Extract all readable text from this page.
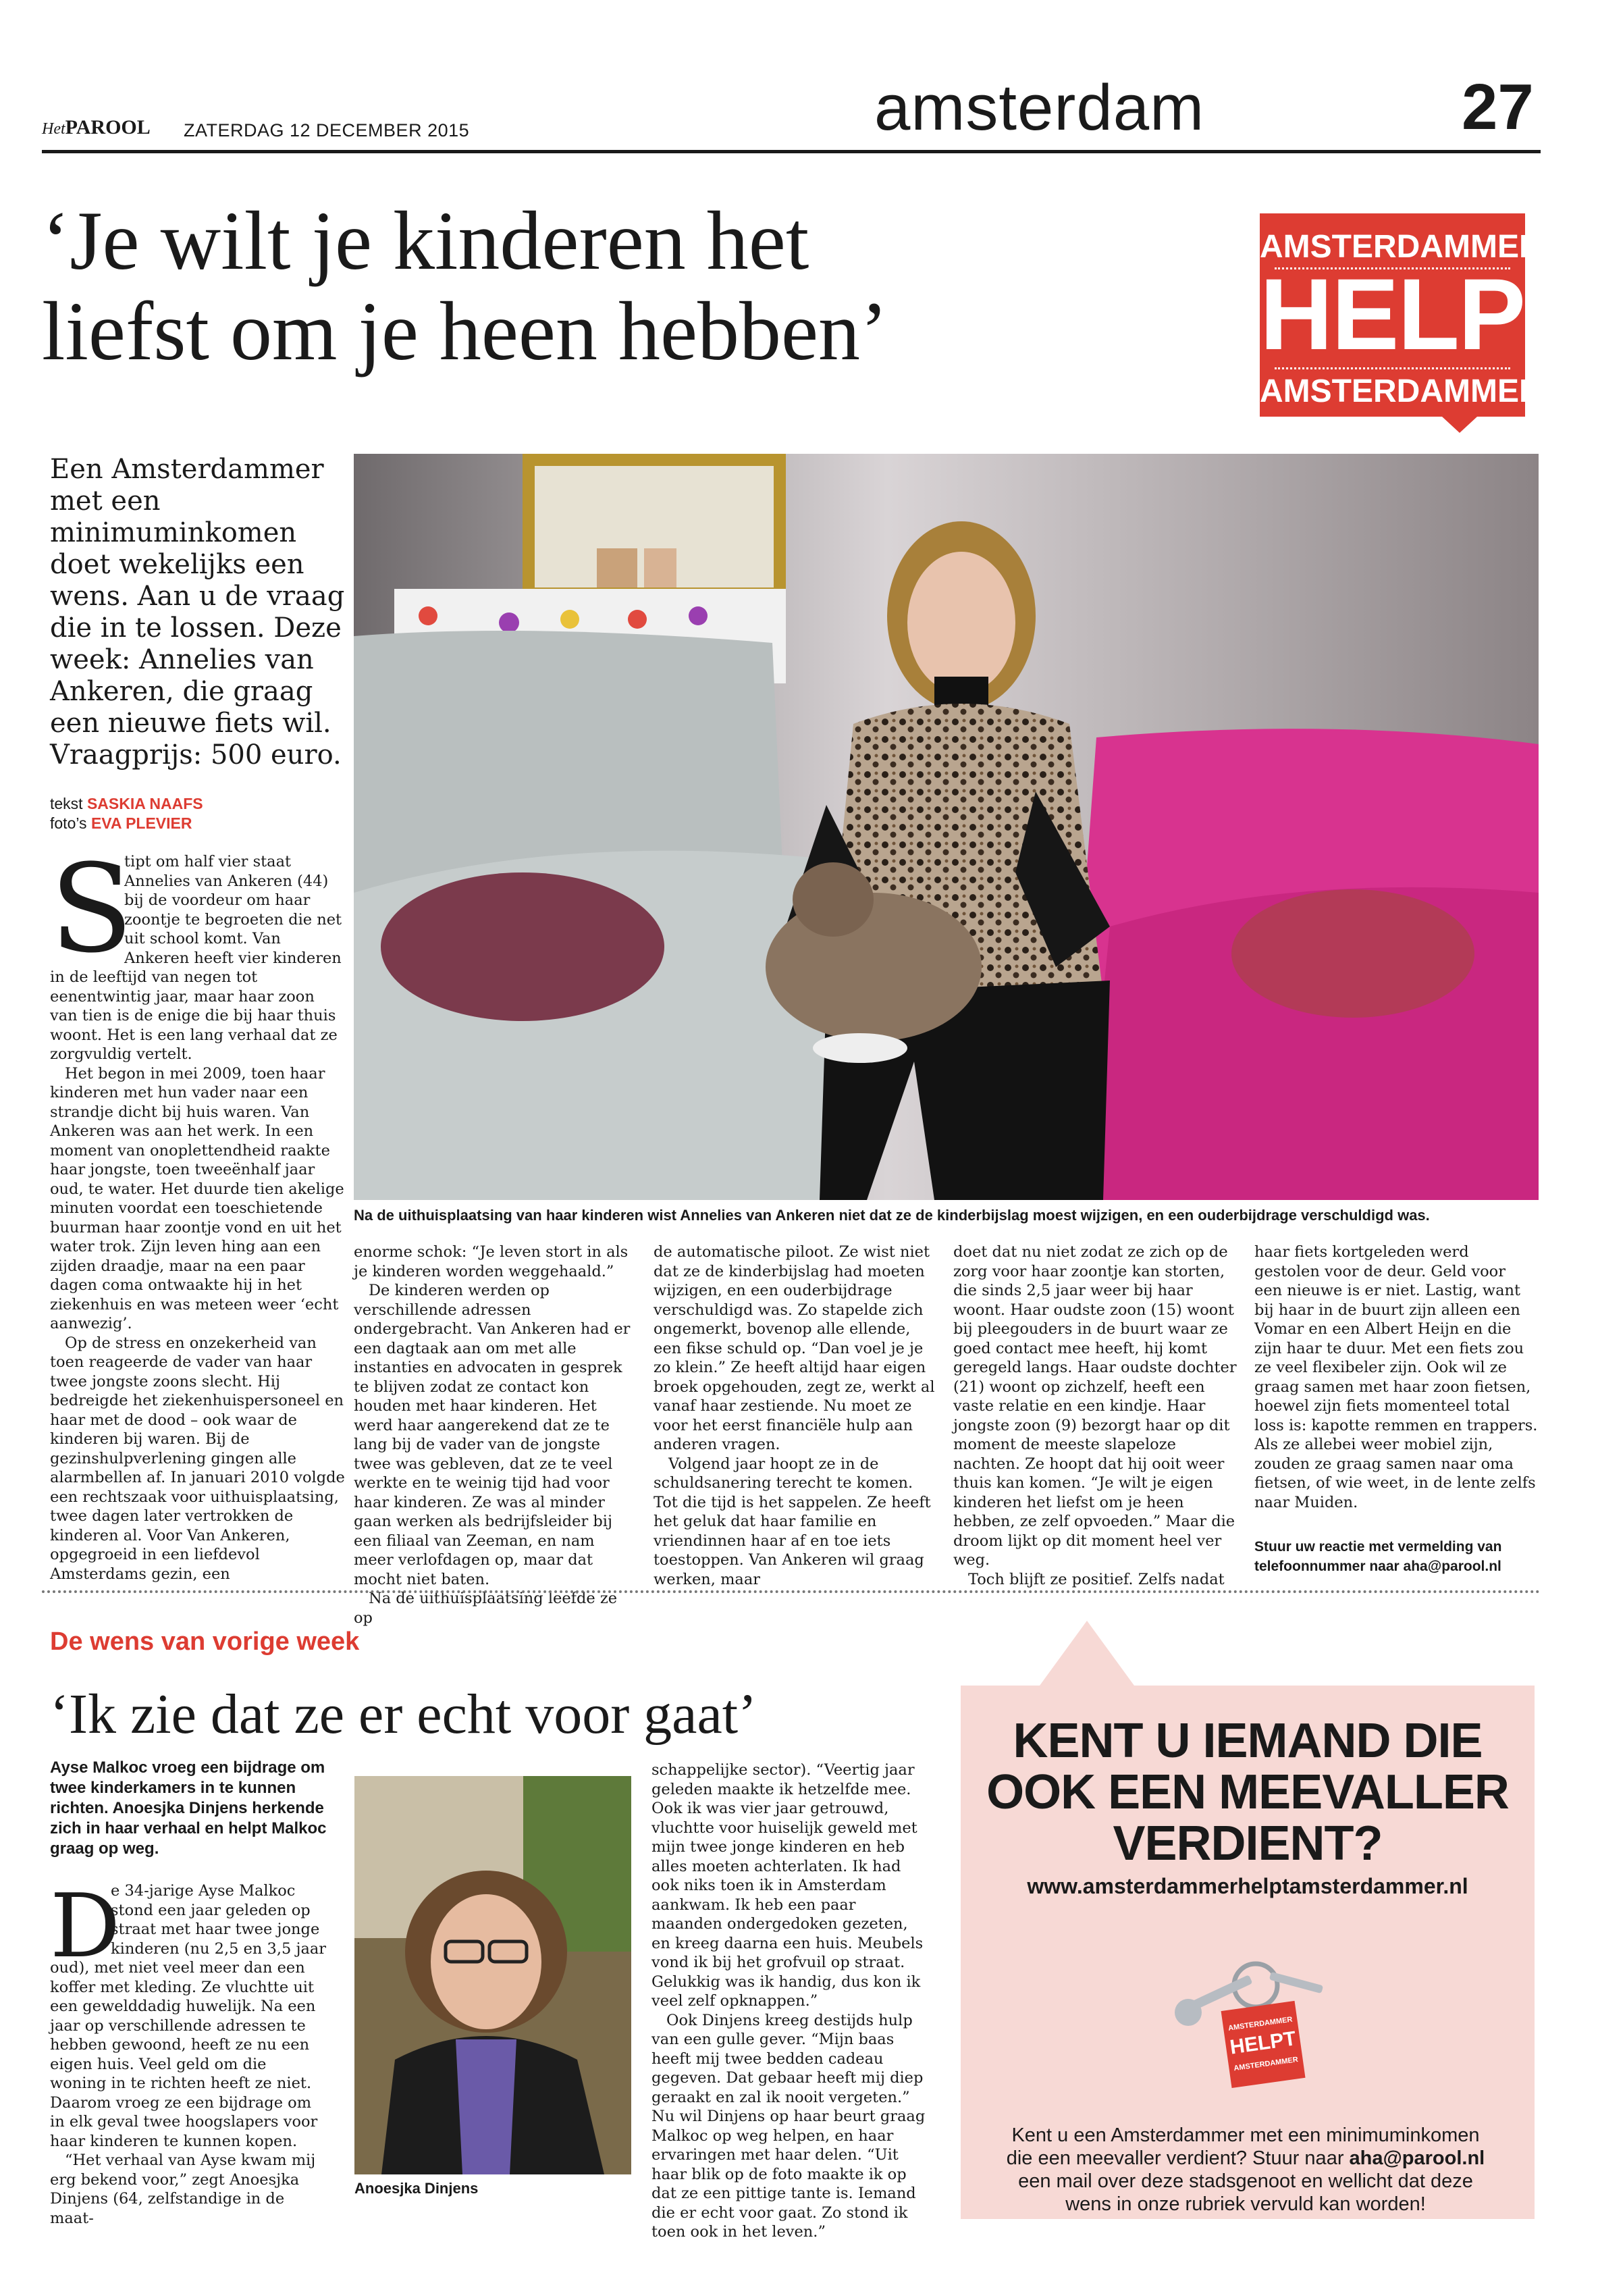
HetPAROOL ZATERDAG 12 DECEMBER 2015	amsterdam	27
‘Je wilt je kinderen het
liefst om je heen hebben’
AMSTERDAMMER
HELPT
AMSTERDAMMER
Een Amsterdammer met een minimuminkomen doet wekelijks een wens. Aan u de vraag die in te lossen. Deze week: Annelies van Ankeren, die graag een nieuwe fiets wil. Vraagprijs: 500 euro.
tekst SASKIA NAAFS
foto’s EVA PLEVIER
Na de uithuisplaatsing van haar kinderen wist Annelies van Ankeren niet dat ze de kinderbijslag moest wijzigen, en een ouderbijdrage verschuldigd was.
S

tipt om half vier staat Annelies van Ankeren (44) bij de voordeur om haar zoontje te begroeten die net uit school komt. Van Ankeren heeft vier kinderen in de leeftijd van negen tot eenentwintig jaar, maar haar zoon van tien is de enige die bij haar thuis woont. Het is een lang verhaal dat ze zorgvuldig vertelt.

Het begon in mei 2009, toen haar kinderen met hun vader naar een strandje dicht bij huis waren. Van Ankeren was aan het werk. In een moment van onoplettendheid raakte haar jongste, toen tweeënhalf jaar oud, te water. Het duurde tien akelige minuten voordat een toeschietende buurman haar zoontje vond en uit het water trok. Zijn leven hing aan een zijden draadje, maar na een paar dagen coma ontwaakte hij in het ziekenhuis en was meteen weer ‘echt aanwezig’.

Op de stress en onzekerheid van toen reageerde de vader van haar twee jongste zoons slecht. Hij bedreigde het ziekenhuispersoneel en haar met de dood – ook waar de kinderen bij waren. Bij de gezinshulpverlening gingen alle alarmbellen af. In januari 2010 volgde een rechtszaak voor uithuisplaatsing, twee dagen later vertrokken de kinderen al. Voor Van Ankeren, opgegroeid in een liefdevol Amsterdams gezin, een

enorme schok: “Je leven stort in als je kinderen worden weggehaald.”

De kinderen werden op verschillende adressen ondergebracht. Van Ankeren had er een dagtaak aan om met alle instanties en advocaten in gesprek te blijven zodat ze contact kon houden met haar kinderen. Het werd haar aangerekend dat ze te lang bij de vader van de jongste twee was gebleven, dat ze te veel werkte en te weinig tijd had voor haar kinderen. Ze was al minder gaan werken als bedrijfsleider bij een filiaal van Zeeman, en nam meer verlofdagen op, maar dat mocht niet baten.

Na de uithuisplaatsing leefde ze op

de automatische piloot. Ze wist niet dat ze de kinderbijslag had moeten wijzigen, en een ouderbijdrage verschuldigd was. Zo stapelde zich ongemerkt, bovenop alle ellende, een fikse schuld op. “Dan voel je je zo klein.” Ze heeft altijd haar eigen broek opgehouden, zegt ze, werkt al vanaf haar zestiende. Nu moet ze voor het eerst financiële hulp aan anderen vragen.

Volgend jaar hoopt ze in de schuldsanering terecht te komen. Tot die tijd is het sappelen. Ze heeft het geluk dat haar familie en vriendinnen haar af en toe iets toestoppen. Van Ankeren wil graag werken, maar

doet dat nu niet zodat ze zich op de zorg voor haar zoontje kan storten, die sinds 2,5 jaar weer bij haar woont. Haar oudste zoon (15) woont bij pleegouders in de buurt waar ze goed contact mee heeft, hij komt geregeld langs. Haar oudste dochter (21) woont op zichzelf, heeft een vaste relatie en een kindje. Haar jongste zoon (9) bezorgt haar op dit moment de meeste slapeloze nachten. Ze hoopt dat hij ooit weer thuis kan komen. “Je wilt je eigen kinderen het liefst om je heen hebben, ze zelf opvoeden.” Maar die droom lijkt op dit moment heel ver weg.

Toch blijft ze positief. Zelfs nadat

haar fiets kortgeleden werd gestolen voor de deur. Geld voor een nieuwe is er niet. Lastig, want bij haar in de buurt zijn alleen een Vomar en een Albert Heijn en die zijn haar te duur. Met een fiets zou ze veel flexibeler zijn. Ook wil ze graag samen met haar zoon fietsen, hoewel zijn fiets momenteel total loss is: kapotte remmen en trappers. Als ze allebei weer mobiel zijn, zouden ze graag samen naar oma fietsen, of wie weet, in de lente zelfs naar Muiden.

Stuur uw reactie met vermelding van telefoonnummer naar aha@parool.nl

De wens van vorige week
‘Ik zie dat ze er echt voor gaat’
Ayse Malkoc vroeg een bijdrage om twee kinderkamers in te kunnen richten. Anoesjka Dinjens herkende zich in haar verhaal en helpt Malkoc graag op weg.
D

e 34-jarige Ayse Malkoc stond een jaar geleden op straat met haar twee jonge kinderen (nu 2,5 en 3,5 jaar oud), met niet veel meer dan een koffer met kleding. Ze vluchtte uit een gewelddadig huwelijk. Na een jaar op verschillende adressen te hebben gewoond, heeft ze nu een eigen huis. Veel geld om die woning in te richten heeft ze niet. Daarom vroeg ze een bijdrage om in elk geval twee hoogslapers voor haar kinderen te kunnen kopen.

“Het verhaal van Ayse kwam mij erg bekend voor,” zegt Anoesjka Dinjens (64, zelfstandige in de maat-

Anoesjka Dinjens

schappelijke sector). “Veertig jaar geleden maakte ik hetzelfde mee. Ook ik was vier jaar getrouwd, vluchtte voor huiselijk geweld met mijn twee jonge kinderen en heb alles moeten achterlaten. Ik had ook niks toen ik in Amsterdam aankwam. Ik heb een paar maanden ondergedoken gezeten, en kreeg daarna een huis. Meubels vond ik bij het grofvuil op straat. Gelukkig was ik handig, dus kon ik veel zelf opknappen.”

Ook Dinjens kreeg destijds hulp van een gulle gever. “Mijn baas heeft mij twee bedden cadeau gegeven. Dat gebaar heeft mij diep geraakt en zal ik nooit vergeten.” Nu wil Dinjens op haar beurt graag Malkoc op weg helpen, en haar ervaringen met haar delen. “Uit haar blik op de foto maakte ik op dat ze een pittige tante is. Iemand die er echt voor gaat. Zo stond ik toen ook in het leven.”

KENT U IEMAND DIE
OOK EEN MEEVALLER
VERDIENT?
www.amsterdammerhelptamsterdammer.nl
AMSTERDAMMER
HELPT
AMSTERDAMMER
Kent u een Amsterdammer met een minimuminkomen
die een meevaller verdient? Stuur naar aha@parool.nl
een mail over deze stadsgenoot en wellicht dat deze
wens in onze rubriek vervuld kan worden!
